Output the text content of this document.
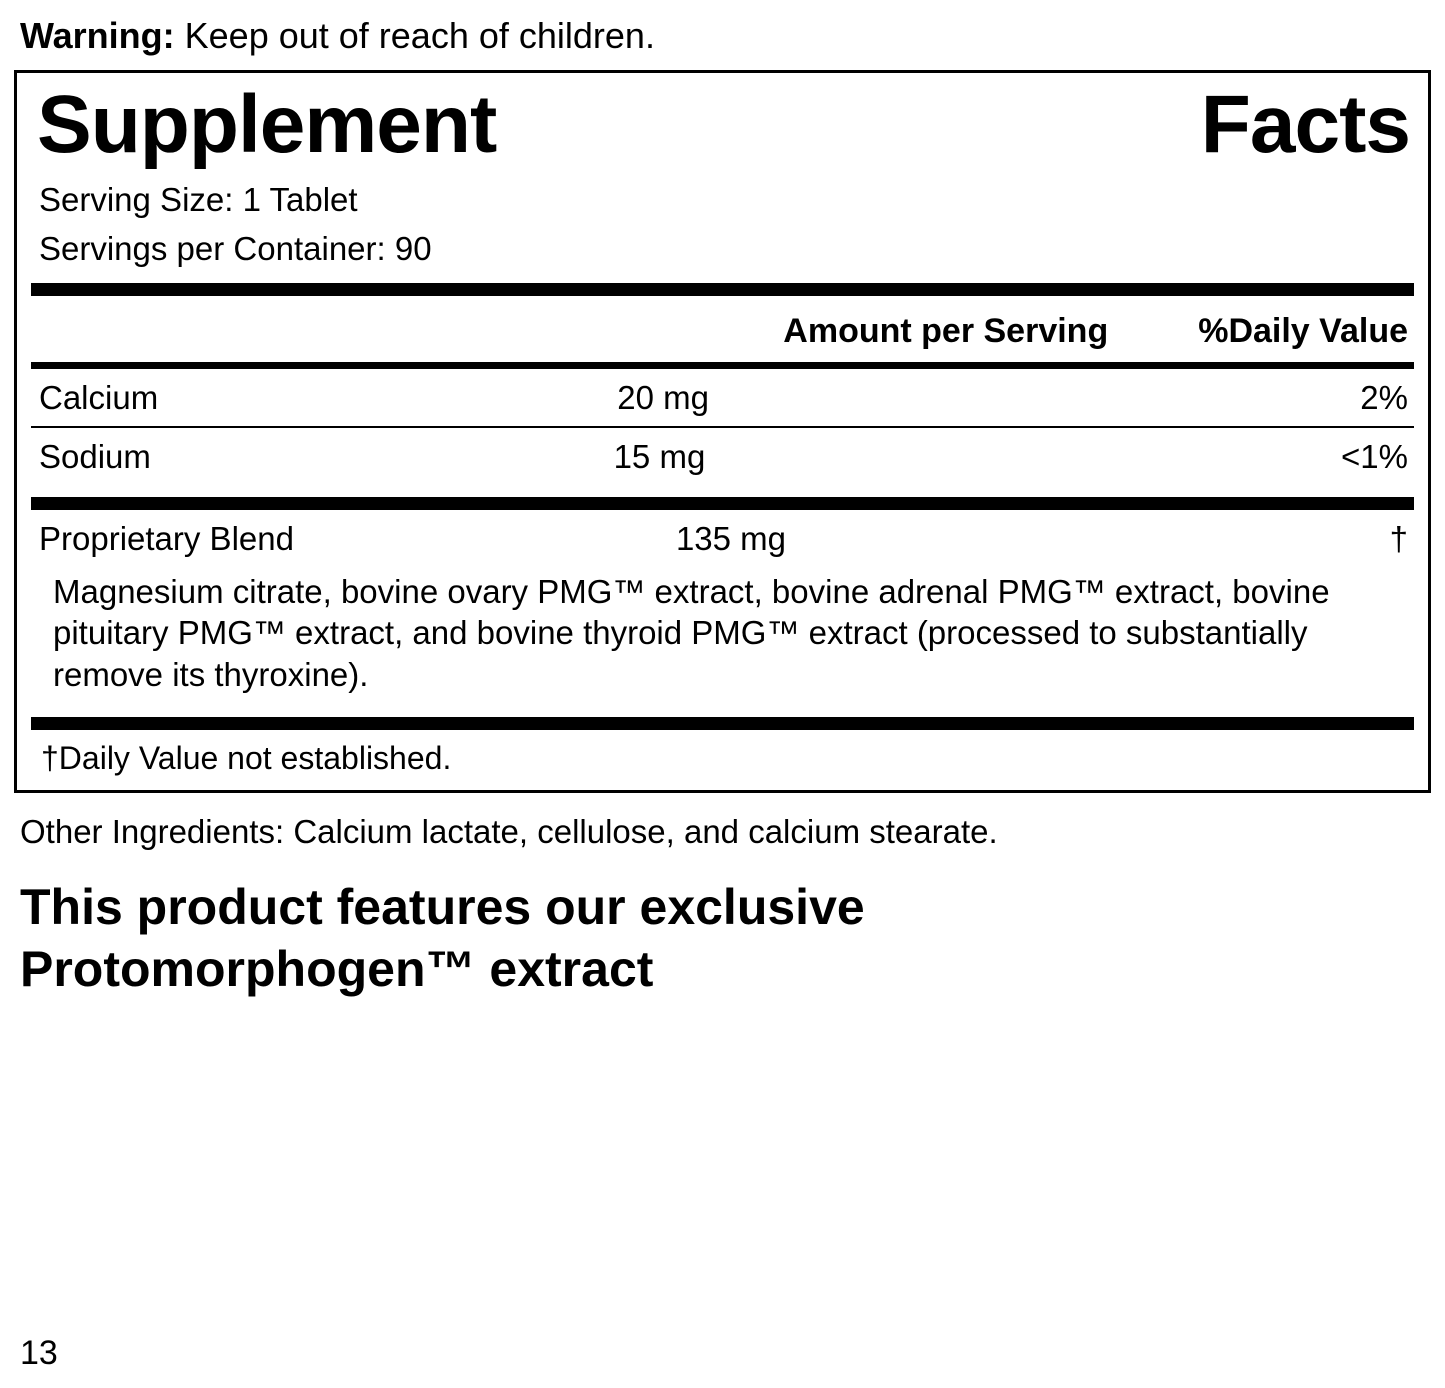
Warning: Keep out of reach of children.
Supplement	Facts
Serving Size: 1 Tablet
Servings per Container: 90
Amount per Serving	%Daily Value
Calcium	20 mg	2%
Sodium	15 mg	<1%
Proprietary Blend	135 mg	†
Magnesium citrate, bovine ovary PMG™ extract, bovine adrenal PMG™ extract, bovine pituitary PMG™ extract, and bovine thyroid PMG™ extract (processed to substantially remove its thyroxine).
†Daily Value not established.
Other Ingredients: Calcium lactate, cellulose, and calcium stearate.
This product features our exclusive
Protomorphogen™ extract
13
